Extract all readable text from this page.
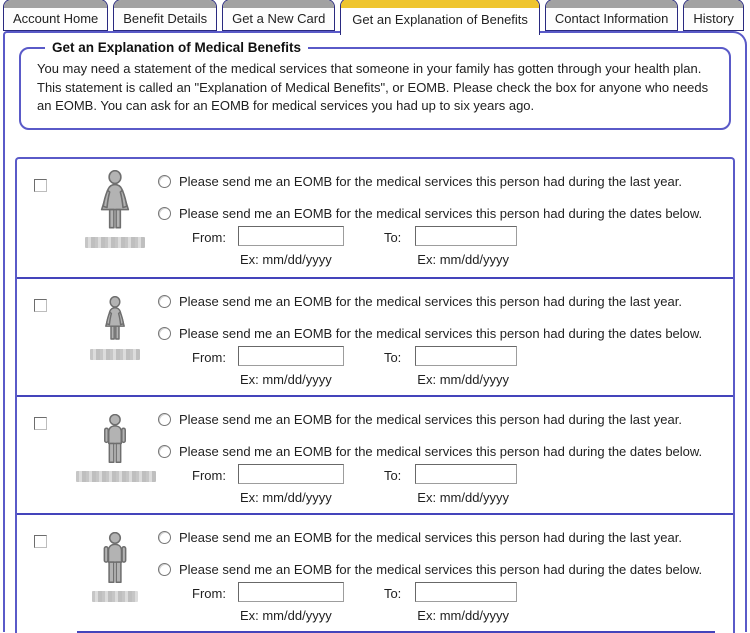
Account Home	Benefit Details	Get a New Card	Get an Explanation of Benefits	Contact Information	History
Get an Explanation of Medical Benefits

You may need a statement of the medical services that someone in your family has gotten through your health plan. This statement is called an "Explanation of Medical Benefits", or EOMB. Please check the box for anyone who needs an EOMB. You can ask for an EOMB for medical services you had up to six years ago.

Please send me an EOMB for the medical services this person had during the last year.
Please send me an EOMB for the medical services this person had during the dates below.
From:
Ex: mm/dd/yyyy
To:
Ex: mm/dd/yyyy
Please send me an EOMB for the medical services this person had during the last year.
Please send me an EOMB for the medical services this person had during the dates below.
From:
Ex: mm/dd/yyyy
To:
Ex: mm/dd/yyyy
Please send me an EOMB for the medical services this person had during the last year.
Please send me an EOMB for the medical services this person had during the dates below.
From:
Ex: mm/dd/yyyy
To:
Ex: mm/dd/yyyy
Please send me an EOMB for the medical services this person had during the last year.
Please send me an EOMB for the medical services this person had during the dates below.
From:
Ex: mm/dd/yyyy
To:
Ex: mm/dd/yyyy
